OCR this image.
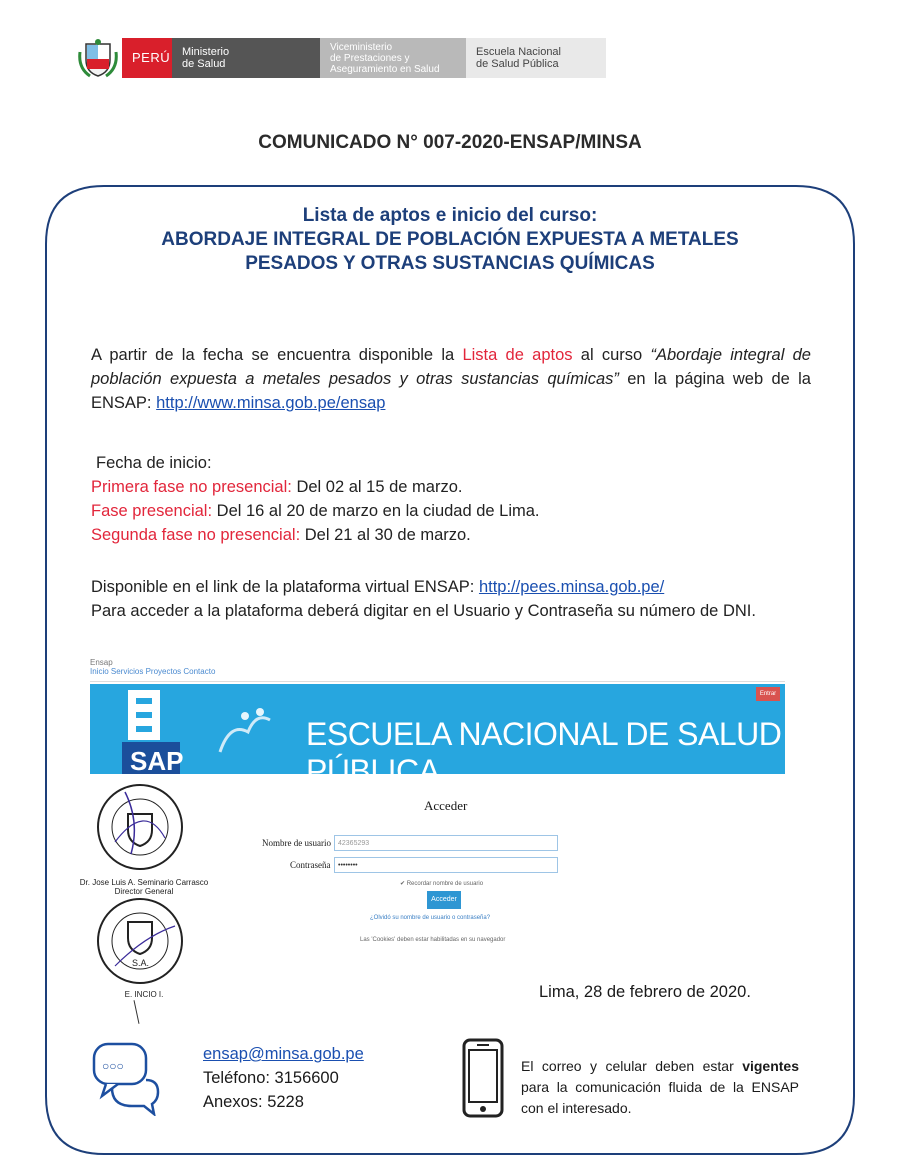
PERÚ Ministerio
de Salud
Viceministerio
de Prestaciones y
Aseguramiento en Salud
Escuela Nacional
de Salud Pública
COMUNICADO N° 007-2020-ENSAP/MINSA
Lista de aptos e inicio del curso:
ABORDAJE INTEGRAL DE POBLACIÓN EXPUESTA A METALES
PESADOS Y OTRAS SUSTANCIAS QUÍMICAS
A partir de la fecha se encuentra disponible la Lista de aptos al curso “Abordaje integral de población expuesta a metales pesados y otras sustancias químicas” en la página web de la ENSAP: http://www.minsa.gob.pe/ensap
Fecha de inicio:
Primera fase no presencial: Del 02 al 15 de marzo.
Fase presencial: Del 16 al 20 de marzo en la ciudad de Lima.
Segunda fase no presencial: Del 21 al 30 de marzo.
Disponible en el link de la plataforma virtual ENSAP: http://pees.minsa.gob.pe/
Para acceder a la plataforma deberá digitar en el Usuario y Contraseña su número de DNI.
Ensap
Inicio Servicios Proyectos Contacto
Entrar
SAP
ESCUELA NACIONAL DE SALUD PÚBLICA
Acceder
Nombre de usuario	42365293
Contraseña	••••••••
✔ Recordar nombre de usuario
Acceder
¿Olvidó su nombre de usuario o contraseña?
Las 'Cookies' deben estar habilitadas en su navegador
Dr. Jose Luis A. Seminario Carrasco
Director General
S.A.
E. INCIO I.	Lima, 28 de febrero de 2020.
○○○
ensap@minsa.gob.pe
Teléfono: 3156600
Anexos: 5228
El correo y celular deben estar vigentes para la comunicación fluida de la ENSAP con el interesado.
